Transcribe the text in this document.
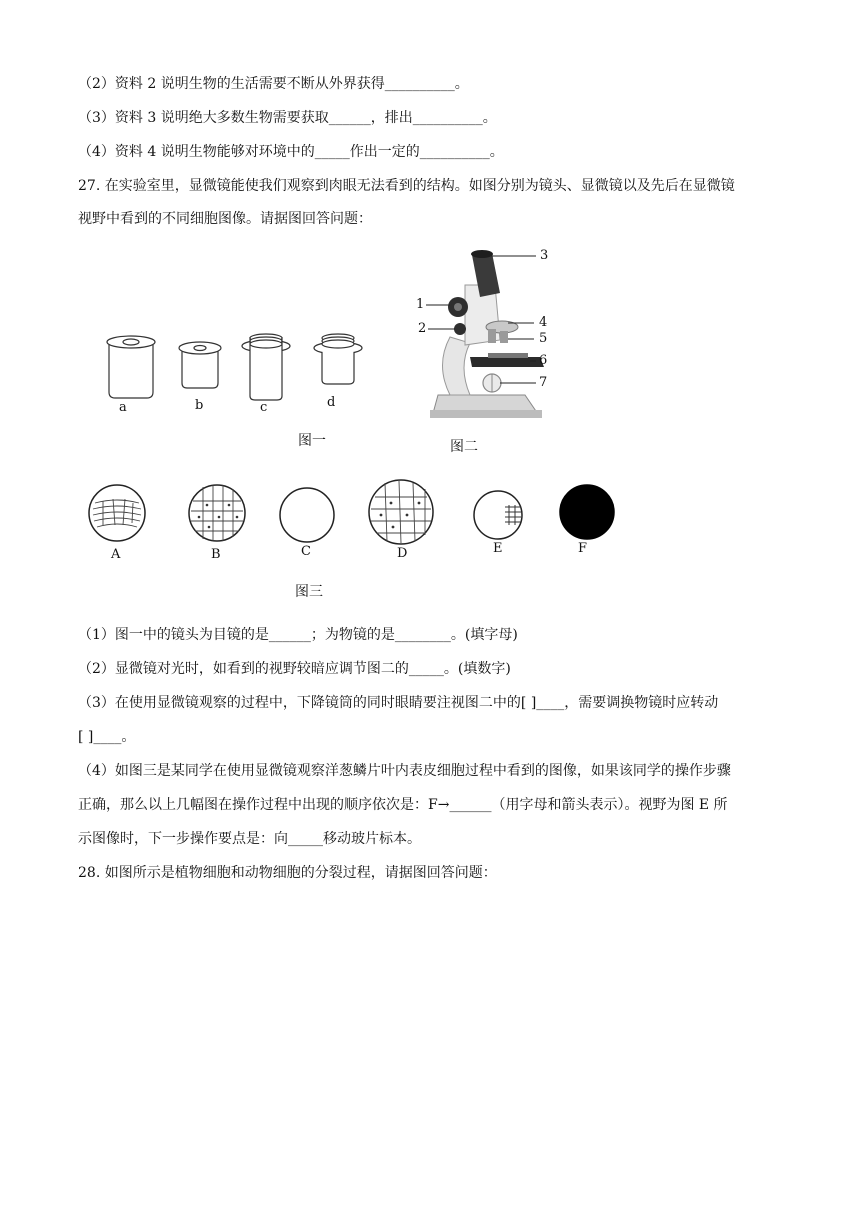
（2）资料 2 说明生物的生活需要不断从外界获得__________。
（3）资料 3 说明绝大多数生物需要获取______，排出__________。
（4）资料 4 说明生物能够对环境中的_____作出一定的__________。
27. 在实验室里，显微镜能使我们观察到肉眼无法看到的结构。如图分别为镜头、显微镜以及先后在显微镜
视野中看到的不同细胞图像。请据图回答问题：
a	b	c	d
图一
3
1
2	4
5
6
7
图二
A	B	C	D	E	F
图三
（1）图一中的镜头为目镜的是______；为物镜的是________。(填字母)
（2）显微镜对光时，如看到的视野较暗应调节图二的_____。(填数字)
（3）在使用显微镜观察的过程中，下降镜筒的同时眼睛要注视图二中的[ ]____，需要调换物镜时应转动
[ ]____。
（4）如图三是某同学在使用显微镜观察洋葱鳞片叶内表皮细胞过程中看到的图像，如果该同学的操作步骤
正确，那么以上几幅图在操作过程中出现的顺序依次是：F→______（用字母和箭头表示）。视野为图 E 所
示图像时，下一步操作要点是：向_____移动玻片标本。
28. 如图所示是植物细胞和动物细胞的分裂过程，请据图回答问题：
